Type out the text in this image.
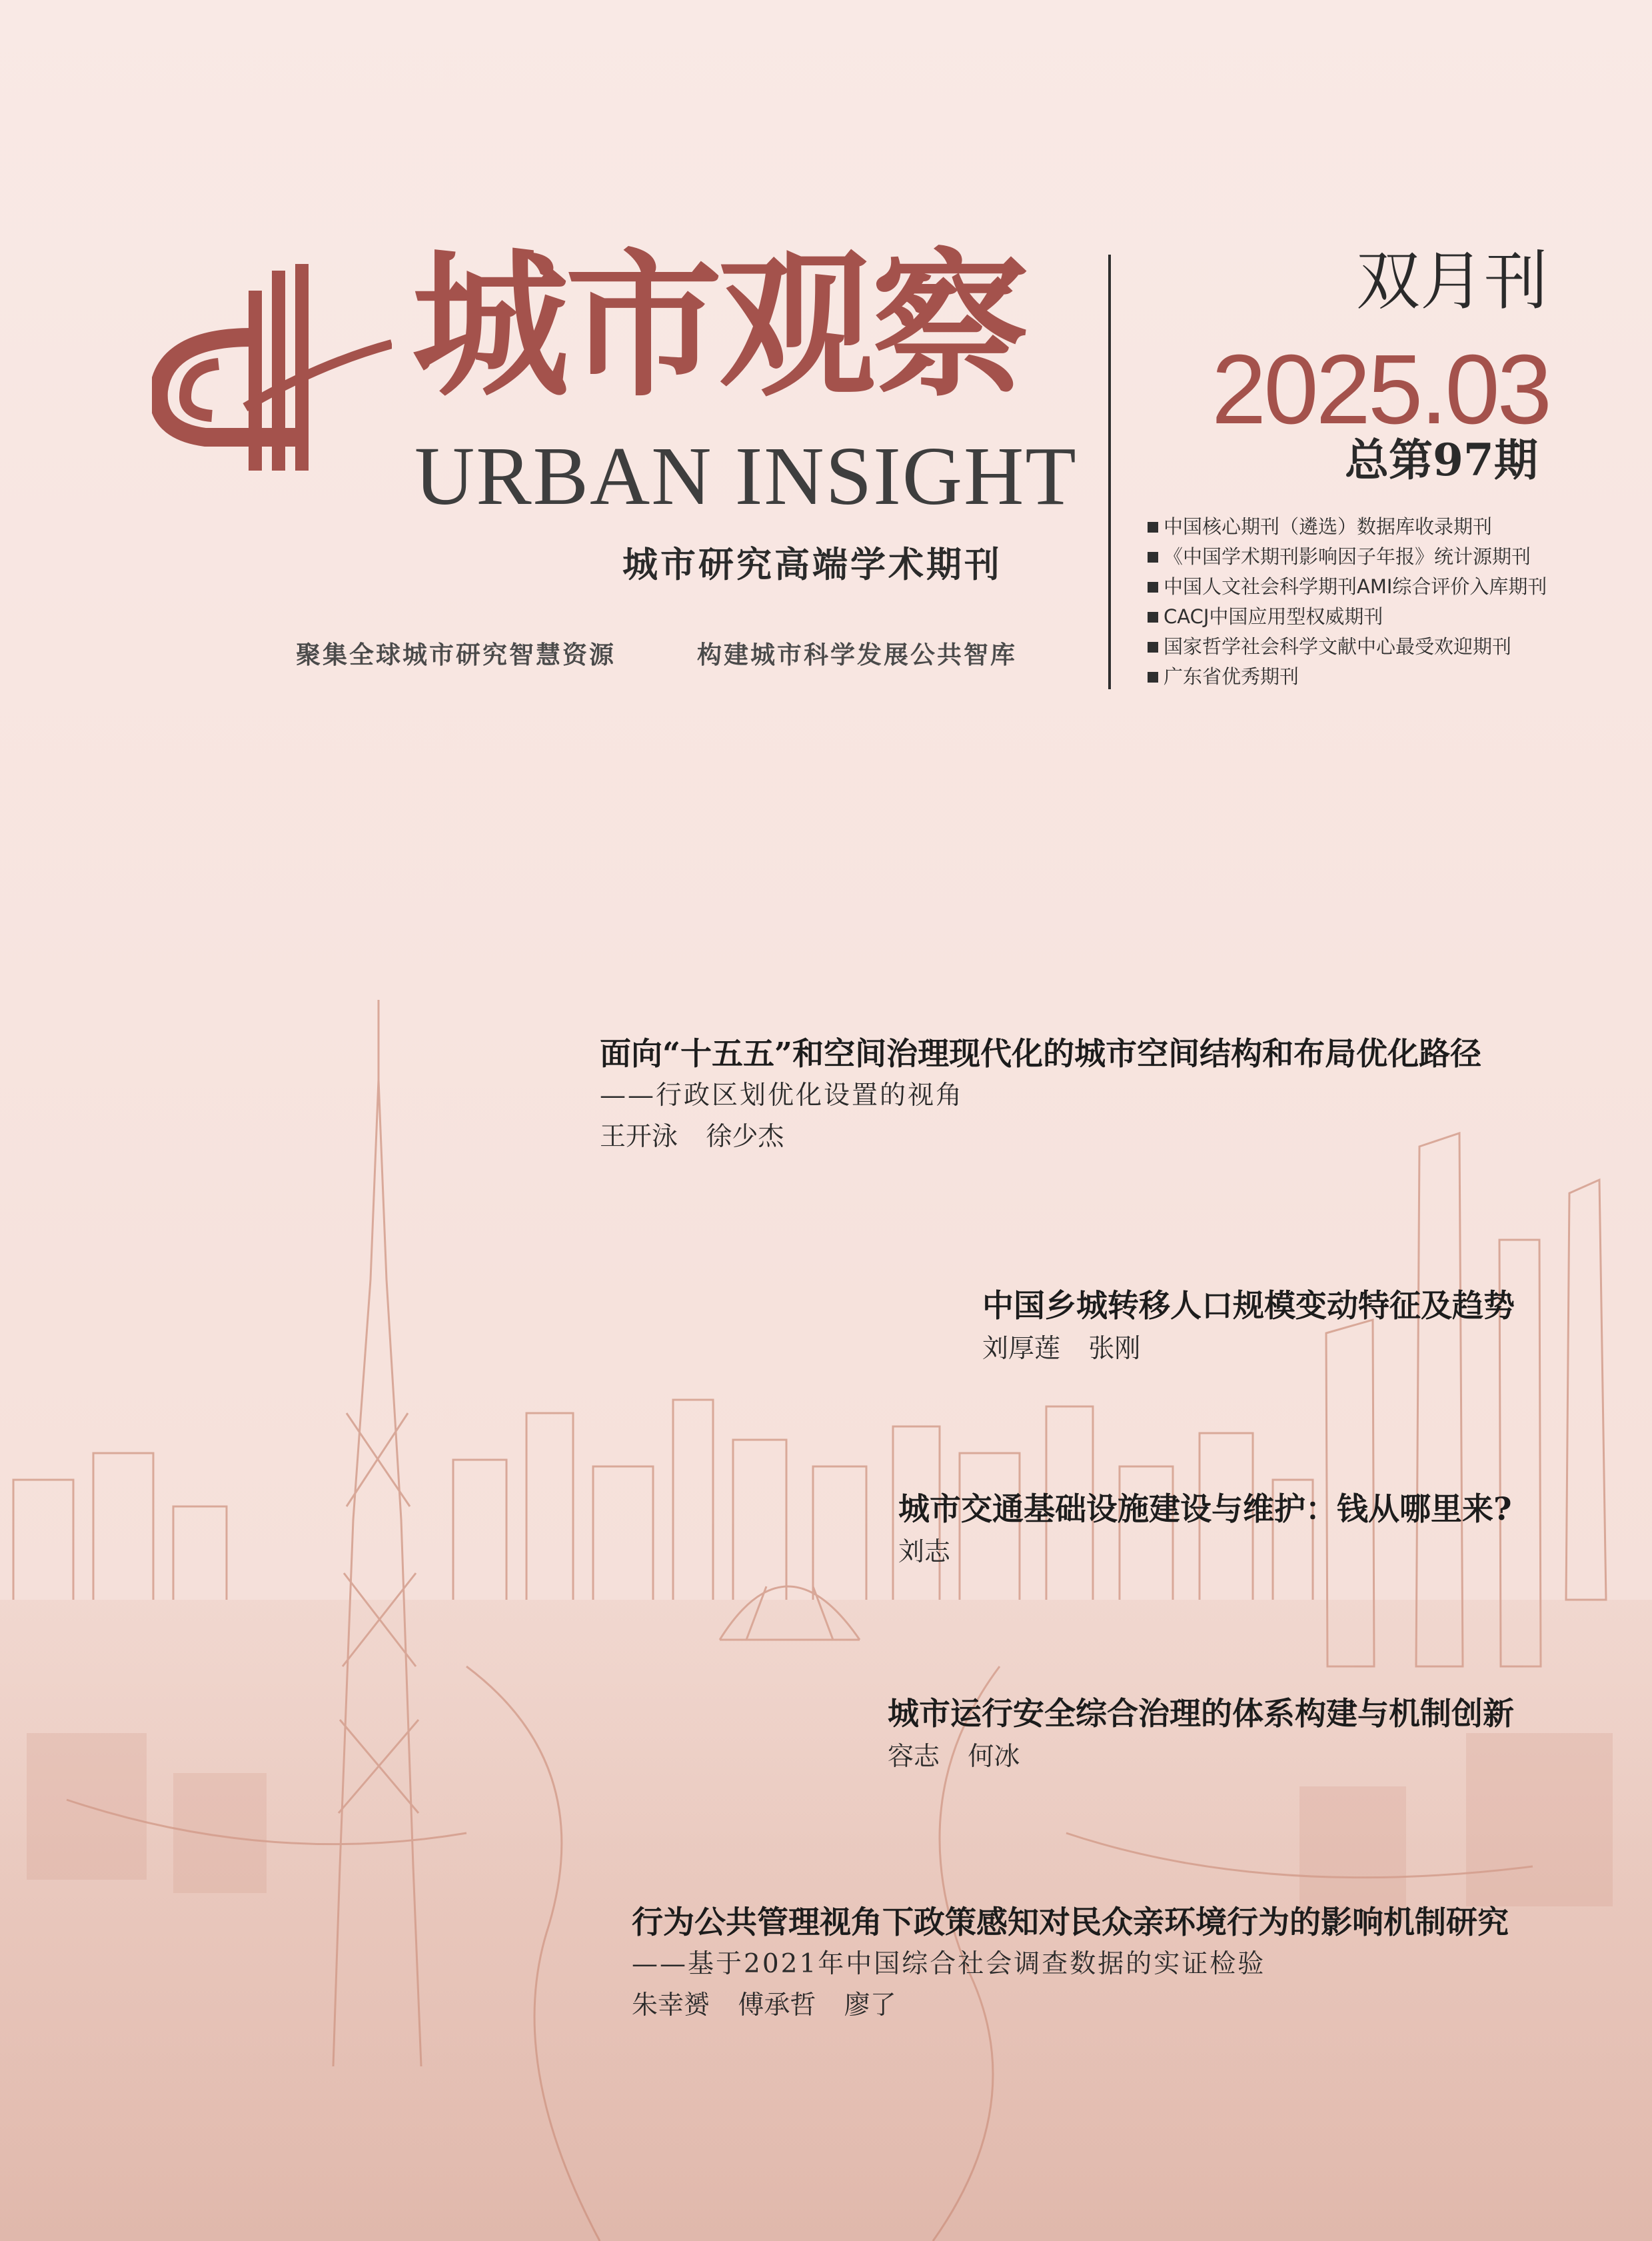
城市观察
URBAN INSIGHT
城市研究高端学术期刊
聚集全球城市研究智慧资源	构建城市科学发展公共智库
双月刊
2025.03
总第97期
中国核心期刊（遴选）数据库收录期刊
《中国学术期刊影响因子年报》统计源期刊
中国人文社会科学期刊AMI综合评价入库期刊
CACJ中国应用型权威期刊
国家哲学社会科学文献中心最受欢迎期刊
广东省优秀期刊
面向“十五五”和空间治理现代化的城市空间结构和布局优化路径
——行政区划优化设置的视角
王开泳 徐少杰
中国乡城转移人口规模变动特征及趋势
刘厚莲 张刚
城市交通基础设施建设与维护：钱从哪里来?
刘志
城市运行安全综合治理的体系构建与机制创新
容志 何冰
行为公共管理视角下政策感知对民众亲环境行为的影响机制研究
——基于2021年中国综合社会调查数据的实证检验
朱幸赟 傅承哲 廖了
